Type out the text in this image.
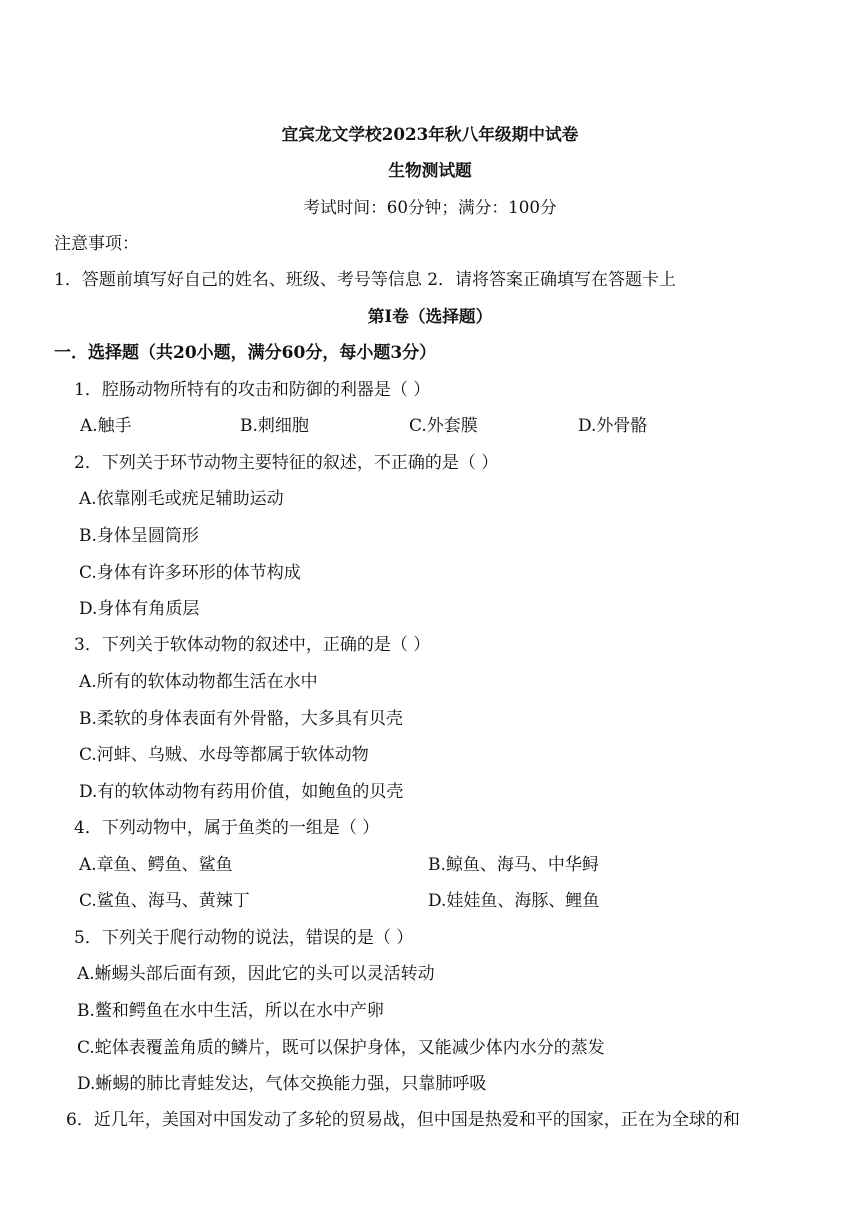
宜宾龙文学校2023年秋八年级期中试卷
生物测试题
考试时间：60分钟；满分：100分
注意事项：
1．答题前填写好自己的姓名、班级、考号等信息 2．请将答案正确填写在答题卡上
第Ⅰ卷（选择题）
一．选择题（共20小题，满分60分，每小题3分）
1．腔肠动物所特有的攻击和防御的利器是（ ）
A.触手	B.刺细胞	C.外套膜	D.外骨骼
2．下列关于环节动物主要特征的叙述，不正确的是（ ）
A.依靠刚毛或疣足辅助运动
B.身体呈圆筒形
C.身体有许多环形的体节构成
D.身体有角质层
3．下列关于软体动物的叙述中，正确的是（ ）
A.所有的软体动物都生活在水中
B.柔软的身体表面有外骨骼，大多具有贝壳
C.河蚌、乌贼、水母等都属于软体动物
D.有的软体动物有药用价值，如鲍鱼的贝壳
4．下列动物中，属于鱼类的一组是（ ）
A.章鱼、鳄鱼、鲨鱼	B.鲸鱼、海马、中华鲟
C.鲨鱼、海马、黄辣丁	D.娃娃鱼、海豚、鲤鱼
5．下列关于爬行动物的说法，错误的是（ ）
A.蜥蜴头部后面有颈，因此它的头可以灵活转动
B.鳖和鳄鱼在水中生活，所以在水中产卵
C.蛇体表覆盖角质的鳞片，既可以保护身体，又能减少体内水分的蒸发
D.蜥蜴的肺比青蛙发达，气体交换能力强，只靠肺呼吸
6．近几年，美国对中国发动了多轮的贸易战，但中国是热爱和平的国家，正在为全球的和
